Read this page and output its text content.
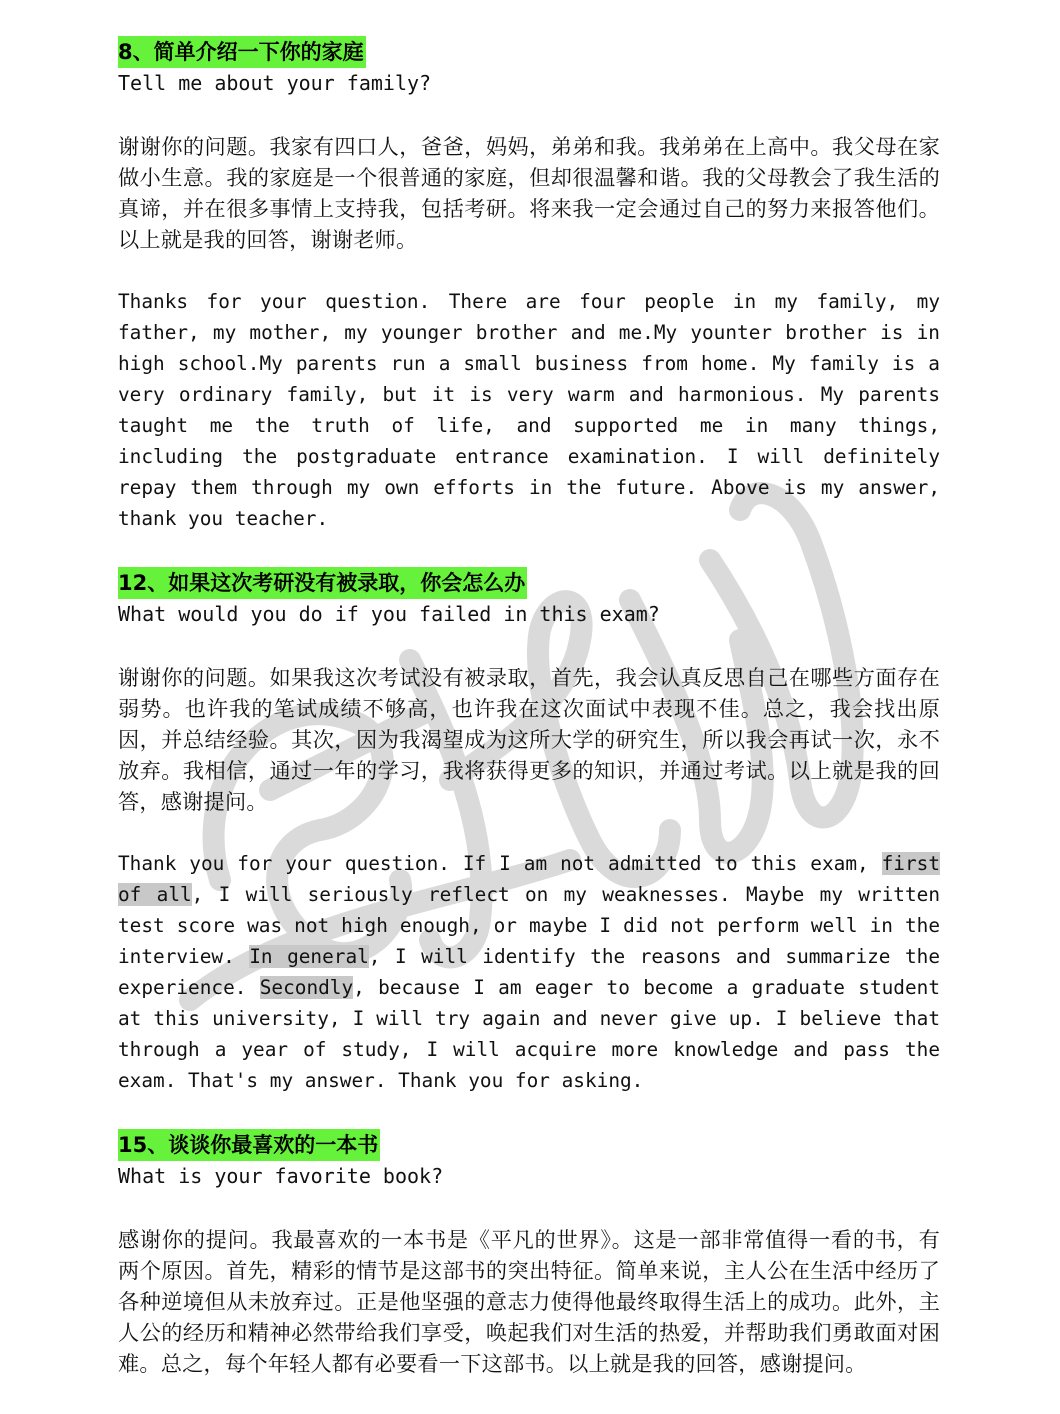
8、简单介绍一下你的家庭
Tell me about your family?

谢谢你的问题。我家有四口人，爸爸，妈妈，弟弟和我。我弟弟在上高中。我父母在家做小生意。我的家庭是一个很普通的家庭，但却很温馨和谐。我的父母教会了我生活的真谛，并在很多事情上支持我，包括考研。将来我一定会通过自己的努力来报答他们。以上就是我的回答，谢谢老师。

Thanks for your question. There are four people in my family, my father, my mother, my younger brother and me.My younter brother is in high school.My parents run a small business from home. My family is a very ordinary family, but it is very warm and harmonious. My parents taught me the truth of life, and supported me in many things, including the postgraduate entrance examination. I will definitely repay them through my own efforts in the future. Above is my answer, thank you teacher.

12、如果这次考研没有被录取，你会怎么办
What would you do if you failed in this exam?

谢谢你的问题。如果我这次考试没有被录取，首先，我会认真反思自己在哪些方面存在弱势。也许我的笔试成绩不够高，也许我在这次面试中表现不佳。总之，我会找出原因，并总结经验。其次，因为我渴望成为这所大学的研究生，所以我会再试一次，永不放弃。我相信，通过一年的学习，我将获得更多的知识，并通过考试。以上就是我的回答，感谢提问。

Thank you for your question. If I am not admitted to this exam, first of all, I will seriously reflect on my weaknesses. Maybe my written test score was not high enough, or maybe I did not perform well in the interview. In general, I will identify the reasons and summarize the experience. Secondly, because I am eager to become a graduate student at this university, I will try again and never give up. I believe that through a year of study, I will acquire more knowledge and pass the exam. That's my answer. Thank you for asking.

15、谈谈你最喜欢的一本书
What is your favorite book?

感谢你的提问。我最喜欢的一本书是《平凡的世界》。这是一部非常值得一看的书，有两个原因。首先，精彩的情节是这部书的突出特征。简单来说，主人公在生活中经历了各种逆境但从未放弃过。正是他坚强的意志力使得他最终取得生活上的成功。此外，主人公的经历和精神必然带给我们享受，唤起我们对生活的热爱，并帮助我们勇敢面对困难。总之，每个年轻人都有必要看一下这部书。以上就是我的回答，感谢提问。
